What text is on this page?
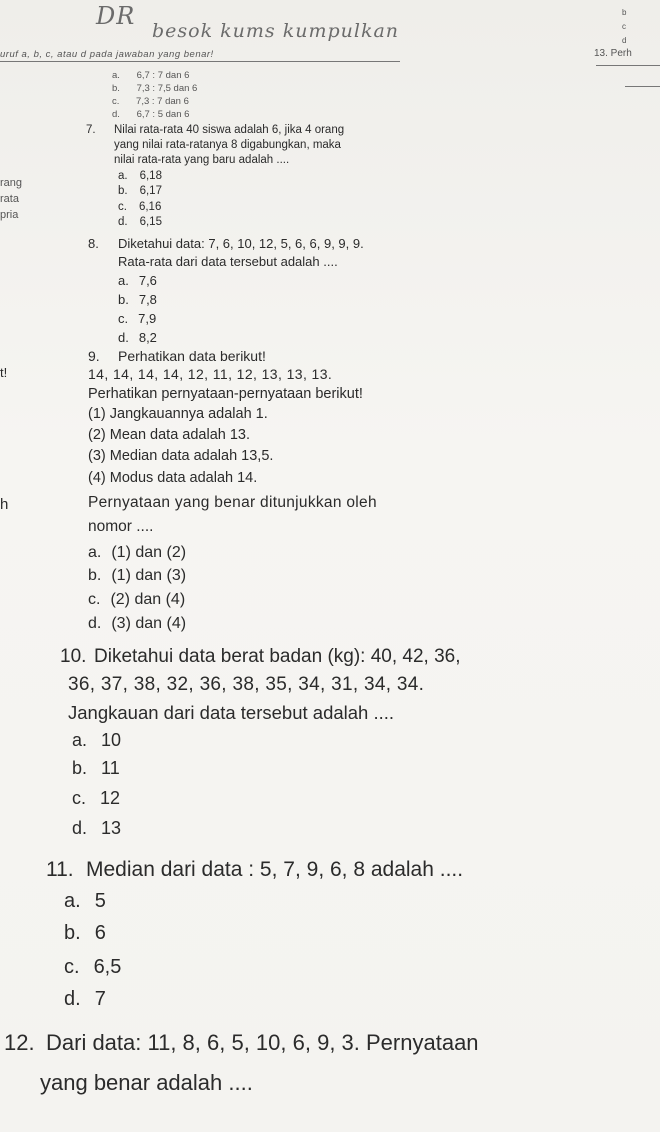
DR
besok kums kumpulkan
uruf a, b, c, atau d pada jawaban yang benar!	13. Perh
b
c
d
a. 6,7 : 7 dan 6
b. 7,3 : 7,5 dan 6
c. 7,3 : 7 dan 6
d. 6,7 : 5 dan 6
rang
rata
pria
t!
h
7. Nilai rata-rata 40 siswa adalah 6, jika 4 orang
yang nilai rata-ratanya 8 digabungkan, maka
nilai rata-rata yang baru adalah ....
a. 6,18
b. 6,17
c. 6,16
d. 6,15
8. Diketahui data: 7, 6, 10, 12, 5, 6, 6, 9, 9, 9.
Rata-rata dari data tersebut adalah ....
a. 7,6
b. 7,8
c. 7,9
d. 8,2
9. Perhatikan data berikut!
14, 14, 14, 14, 12, 11, 12, 13, 13, 13.
Perhatikan pernyataan-pernyataan berikut!
(1) Jangkauannya adalah 1.
(2) Mean data adalah 13.
(3) Median data adalah 13,5.
(4) Modus data adalah 14.
Pernyataan yang benar ditunjukkan oleh
nomor ....
a. (1) dan (2)
b. (1) dan (3)
c. (2) dan (4)
d. (3) dan (4)
10. Diketahui data berat badan (kg): 40, 42, 36,
36, 37, 38, 32, 36, 38, 35, 34, 31, 34, 34.
Jangkauan dari data tersebut adalah ....
a. 10
b. 11
c. 12
d. 13
11. Median dari data : 5, 7, 9, 6, 8 adalah ....
a. 5
b. 6
c. 6,5
d. 7
12. Dari data: 11, 8, 6, 5, 10, 6, 9, 3. Pernyataan
yang benar adalah ....
